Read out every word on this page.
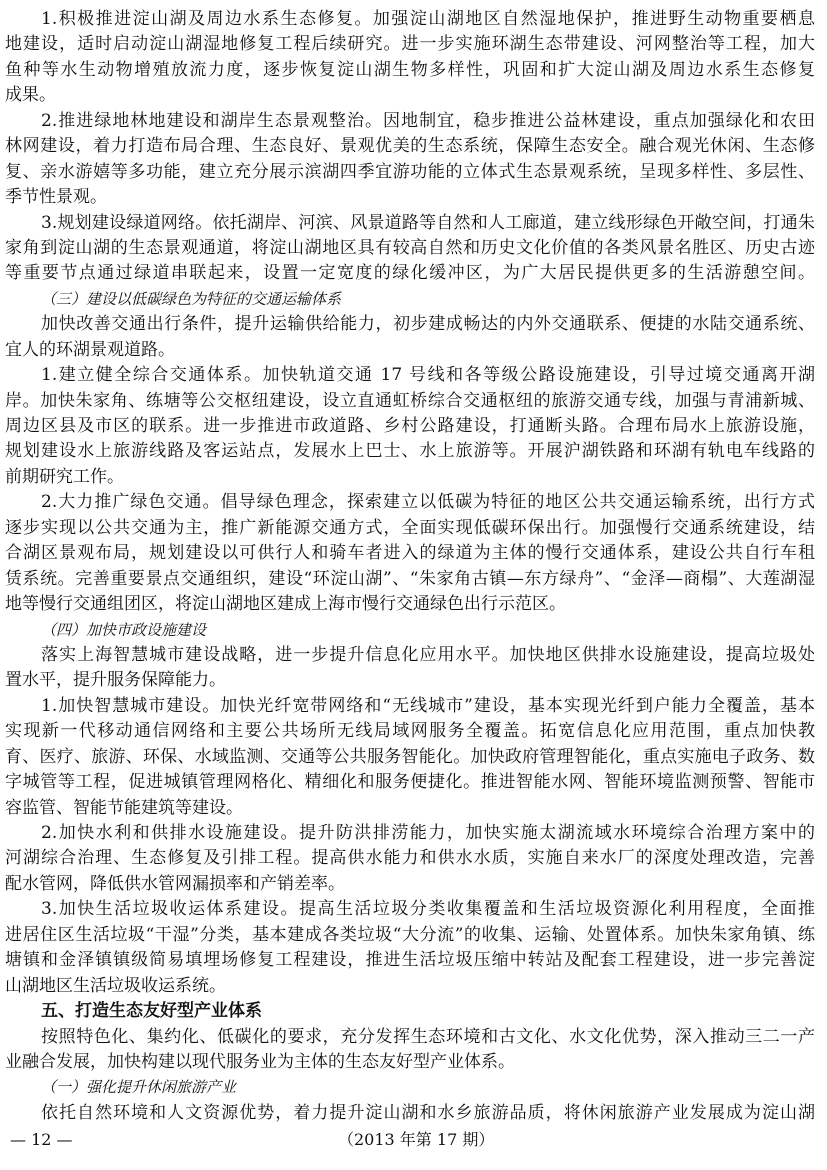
1.积极推进淀山湖及周边水系生态修复。加强淀山湖地区自然湿地保护，推进野生动物重要栖息
地建设，适时启动淀山湖湿地修复工程后续研究。进一步实施环湖生态带建设、河网整治等工程，加大
鱼种等水生动物增殖放流力度，逐步恢复淀山湖生物多样性，巩固和扩大淀山湖及周边水系生态修复
成果。
2.推进绿地林地建设和湖岸生态景观整治。因地制宜，稳步推进公益林建设，重点加强绿化和农田
林网建设，着力打造布局合理、生态良好、景观优美的生态系统，保障生态安全。融合观光休闲、生态修
复、亲水游嬉等多功能，建立充分展示滨湖四季宜游功能的立体式生态景观系统，呈现多样性、多层性、
季节性景观。
3.规划建设绿道网络。依托湖岸、河滨、风景道路等自然和人工廊道，建立线形绿色开敞空间，打通朱
家角到淀山湖的生态景观通道，将淀山湖地区具有较高自然和历史文化价值的各类风景名胜区、历史古迹
等重要节点通过绿道串联起来，设置一定宽度的绿化缓冲区，为广大居民提供更多的生活游憩空间。
（三）建设以低碳绿色为特征的交通运输体系
加快改善交通出行条件，提升运输供给能力，初步建成畅达的内外交通联系、便捷的水陆交通系统、
宜人的环湖景观道路。
1.建立健全综合交通体系。加快轨道交通 17 号线和各等级公路设施建设，引导过境交通离开湖
岸。加快朱家角、练塘等公交枢纽建设，设立直通虹桥综合交通枢纽的旅游交通专线，加强与青浦新城、
周边区县及市区的联系。进一步推进市政道路、乡村公路建设，打通断头路。合理布局水上旅游设施，
规划建设水上旅游线路及客运站点，发展水上巴士、水上旅游等。开展沪湖铁路和环湖有轨电车线路的
前期研究工作。
2.大力推广绿色交通。倡导绿色理念，探索建立以低碳为特征的地区公共交通运输系统，出行方式
逐步实现以公共交通为主，推广新能源交通方式，全面实现低碳环保出行。加强慢行交通系统建设，结
合湖区景观布局，规划建设以可供行人和骑车者进入的绿道为主体的慢行交通体系，建设公共自行车租
赁系统。完善重要景点交通组织，建设“环淀山湖”、“朱家角古镇—东方绿舟”、“金泽—商榻”、大莲湖湿
地等慢行交通组团区，将淀山湖地区建成上海市慢行交通绿色出行示范区。
（四）加快市政设施建设
落实上海智慧城市建设战略，进一步提升信息化应用水平。加快地区供排水设施建设，提高垃圾处
置水平，提升服务保障能力。
1.加快智慧城市建设。加快光纤宽带网络和“无线城市”建设，基本实现光纤到户能力全覆盖，基本
实现新一代移动通信网络和主要公共场所无线局域网服务全覆盖。拓宽信息化应用范围，重点加快教
育、医疗、旅游、环保、水域监测、交通等公共服务智能化。加快政府管理智能化，重点实施电子政务、数
字城管等工程，促进城镇管理网格化、精细化和服务便捷化。推进智能水网、智能环境监测预警、智能市
容监管、智能节能建筑等建设。
2.加快水利和供排水设施建设。提升防洪排涝能力，加快实施太湖流域水环境综合治理方案中的
河湖综合治理、生态修复及引排工程。提高供水能力和供水水质，实施自来水厂的深度处理改造，完善
配水管网，降低供水管网漏损率和产销差率。
3.加快生活垃圾收运体系建设。提高生活垃圾分类收集覆盖和生活垃圾资源化利用程度，全面推
进居住区生活垃圾“干湿”分类，基本建成各类垃圾“大分流”的收集、运输、处置体系。加快朱家角镇、练
塘镇和金泽镇镇级简易填埋场修复工程建设，推进生活垃圾压缩中转站及配套工程建设，进一步完善淀
山湖地区生活垃圾收运系统。
五、打造生态友好型产业体系
按照特色化、集约化、低碳化的要求，充分发挥生态环境和古文化、水文化优势，深入推动三二一产
业融合发展，加快构建以现代服务业为主体的生态友好型产业体系。
（一）强化提升休闲旅游产业
依托自然环境和人文资源优势，着力提升淀山湖和水乡旅游品质，将休闲旅游产业发展成为淀山湖
— 12 —	（2013 年第 17 期）
